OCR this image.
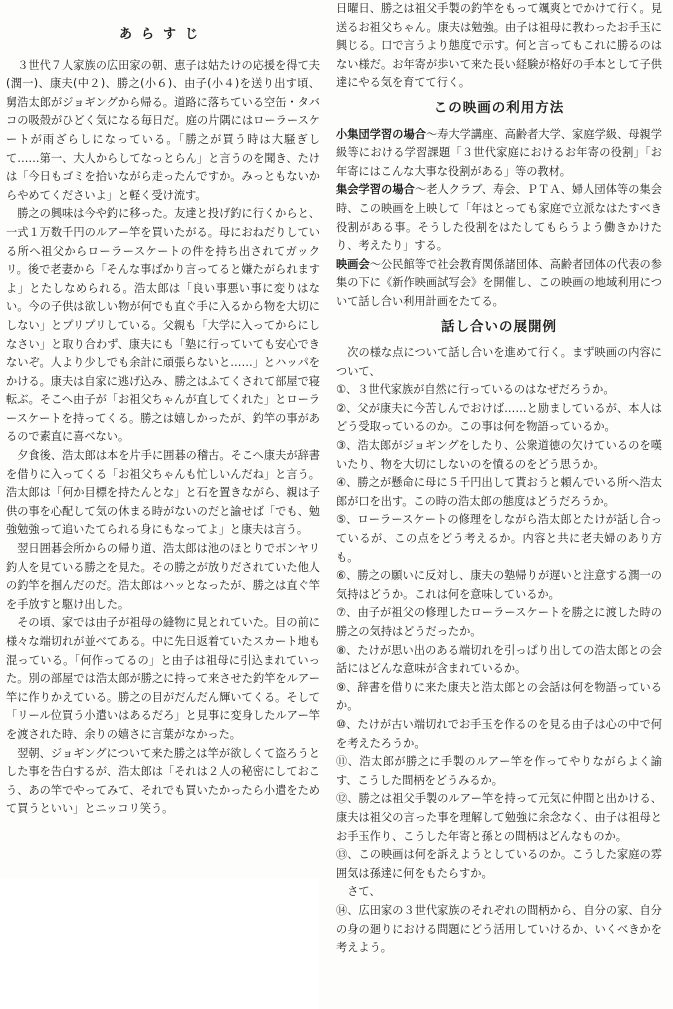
あらすじ

３世代７人家族の広田家の朝、恵子は姑たけの応援を得て夫(潤一)、康夫(中２)、勝之(小６)、由子(小４)を送り出す頃、舅浩太郎がジョギングから帰る。道路に落ちている空缶・タバコの吸殻がひどく気になる毎日だ。庭の片隅にはローラースケートが雨ざらしになっている。「勝之が買う時は大騒ぎして……第一、大人からしてなっとらん」と言うのを聞き、たけは「今日もゴミを拾いながら走ったんですか。みっともないからやめてくださいよ」と軽く受け流す。

勝之の興味は今や釣に移った。友達と投げ釣に行くからと、一式１万数千円のルアー竿を買いたがる。母におねだりしている所へ祖父からローラースケートの件を持ち出されてガックリ。後で老妻から「そんな事ばかり言ってると嫌たがられますよ」とたしなめられる。浩太郎は「良い事悪い事に変りはない。今の子供は欲しい物が何でも直ぐ手に入るから物を大切にしない」とプリプリしている。父親も「大学に入ってからにしなさい」と取り合わず、康夫にも「塾に行っていても安心できないぞ。人より少しでも余計に頑張らないと……」とハッパをかける。康夫は自家に逃げ込み、勝之はふてくされて部屋で寝転ぶ。そこへ由子が「お祖父ちゃんが直してくれた」とローラースケートを持ってくる。勝之は嬉しかったが、釣竿の事があるので素直に喜べない。

夕食後、浩太郎は本を片手に囲碁の稽古。そこへ康夫が辞書を借りに入ってくる「お祖父ちゃんも忙しいんだね」と言う。浩太郎は「何か目標を持たんとな」と石を置きながら、親は子供の事を心配して気の休まる時がないのだと諭せば「でも、勉強勉強って追いたてられる身にもなってよ」と康夫は言う。

翌日囲碁会所からの帰り道、浩太郎は池のほとりでボンヤリ釣人を見ている勝之を見た。その勝之が放りだされていた他人の釣竿を掴んだのだ。浩太郎はハッとなったが、勝之は直ぐ竿を手放すと駆け出した。

その頃、家では由子が祖母の縫物に見とれていた。目の前に様々な端切れが並べてある。中に先日返着ていたスカート地も混っている。「何作ってるの」と由子は祖母に引込まれていった。別の部屋では浩太郎が勝之に持って来させた釣竿をルアー竿に作りかえている。勝之の目がだんだん輝いてくる。そして「リール位買う小遣いはあるだろ」と見事に変身したルアー竿を渡された時、余りの嬉さに言葉がなかった。

翌朝、ジョギングについて来た勝之は竿が欲しくて盗ろうとした事を告白するが、浩太郎は「それは２人の秘密にしておこう、あの竿でやってみて、それでも買いたかったら小遣をためて買うといい」とニッコリ笑う。

日曜日、勝之は祖父手製の釣竿をもって颯爽とでかけて行く。見送るお祖父ちゃん。康夫は勉強。由子は祖母に教わったお手玉に興じる。口で言うより態度で示す。何と言ってもこれに勝るのはない様だ。お年寄が歩いて来た長い経験が格好の手本として子供達にやる気を育てて行く。

この映画の利用方法

小集団学習の場合〜寿大学講座、高齢者大学、家庭学級、母親学級等における学習課題「３世代家庭におけるお年寄の役割」「お年寄にはこんな大事な役割がある」等の教材。

集会学習の場合〜老人クラブ、寿会、ＰＴＡ、婦人団体等の集会時、この映画を上映して「年はとっても家庭で立派なはたすべき役割がある事。そうした役割をはたしてもらうよう働きかけたり、考えたり」する。

映画会〜公民館等で社会教育関係諸団体、高齢者団体の代表の参集の下に《新作映画試写会》を開催し、この映画の地域利用について話し合い利用計画をたてる。

話し合いの展開例

次の様な点について話し合いを進めて行く。まず映画の内容について、

①、３世代家族が自然に行っているのはなぜだろうか。

②、父が康夫に今苦しんでおけば……と励ましているが、本人はどう受取っているのか。この事は何を物語っているか。

③、浩太郎がジョギングをしたり、公衆道徳の欠けているのを嘆いたり、物を大切にしないのを憤るのをどう思うか。

④、勝之が懸命に母に５千円出して貰おうと頼んでいる所へ浩太郎が口を出す。この時の浩太郎の態度はどうだろうか。

⑤、ローラースケートの修理をしながら浩太郎とたけが話し合っているが、この点をどう考えるか。内容と共に老夫婦のあり方も。

⑥、勝之の願いに反対し、康夫の塾帰りが遅いと注意する潤一の気持はどうか。これは何を意味しているか。

⑦、由子が祖父の修理したローラースケートを勝之に渡した時の勝之の気持はどうだったか。

⑧、たけが思い出のある端切れを引っぱり出しての浩太郎との会話にはどんな意味が含まれているか。

⑨、辞書を借りに来た康夫と浩太郎との会話は何を物語っているか。

⑩、たけが古い端切れでお手玉を作るのを見る由子は心の中で何を考えたろうか。

⑪、浩太郎が勝之に手製のルアー竿を作ってやりながらよく諭す、こうした間柄をどうみるか。

⑫、勝之は祖父手製のルアー竿を持って元気に仲間と出かける、康夫は祖父の言った事を理解して勉強に余念なく、由子は祖母とお手玉作り、こうした年寄と孫との間柄はどんなものか。

⑬、この映画は何を訴えようとしているのか。こうした家庭の雰囲気は孫達に何をもたらすか。

さて、

⑭、広田家の３世代家族のそれぞれの間柄から、自分の家、自分の身の廻りにおける問題にどう活用していけるか、いくべきかを考えよう。
